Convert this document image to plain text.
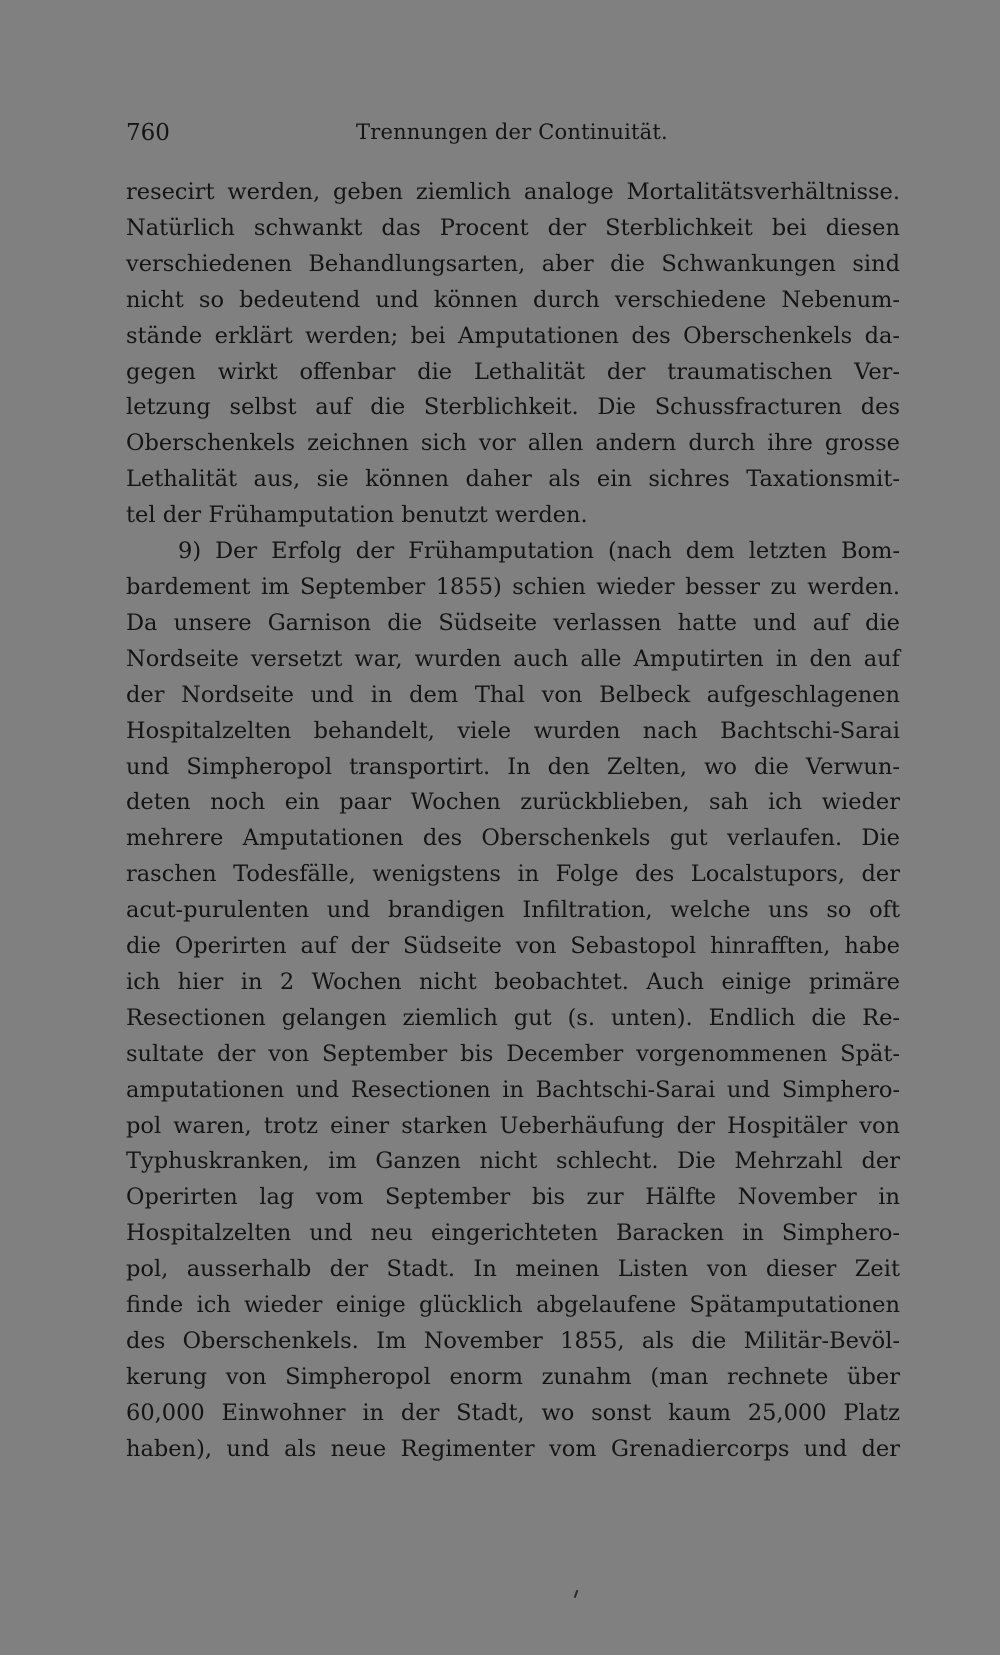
760	Trennungen der Continuität.
resecirt werden, geben ziemlich analoge Mortalitätsverhältnisse.
Natürlich schwankt das Procent der Sterblichkeit bei diesen
verschiedenen Behandlungsarten, aber die Schwankungen sind
nicht so bedeutend und können durch verschiedene Nebenum-
stände erklärt werden; bei Amputationen des Oberschenkels da-
gegen wirkt offenbar die Lethalität der traumatischen Ver-
letzung selbst auf die Sterblichkeit. Die Schussfracturen des
Oberschenkels zeichnen sich vor allen andern durch ihre grosse
Lethalität aus, sie können daher als ein sichres Taxationsmit-
tel der Frühamputation benutzt werden.
9) Der Erfolg der Frühamputation (nach dem letzten Bom-
bardement im September 1855) schien wieder besser zu werden.
Da unsere Garnison die Südseite verlassen hatte und auf die
Nordseite versetzt war, wurden auch alle Amputirten in den auf
der Nordseite und in dem Thal von Belbeck aufgeschlagenen
Hospitalzelten behandelt, viele wurden nach Bachtschi-Sarai
und Simpheropol transportirt. In den Zelten, wo die Verwun-
deten noch ein paar Wochen zurückblieben, sah ich wieder
mehrere Amputationen des Oberschenkels gut verlaufen. Die
raschen Todesfälle, wenigstens in Folge des Localstupors, der
acut-purulenten und brandigen Infiltration, welche uns so oft
die Operirten auf der Südseite von Sebastopol hinrafften, habe
ich hier in 2 Wochen nicht beobachtet. Auch einige primäre
Resectionen gelangen ziemlich gut (s. unten). Endlich die Re-
sultate der von September bis December vorgenommenen Spät-
amputationen und Resectionen in Bachtschi-Sarai und Simphero-
pol waren, trotz einer starken Ueberhäufung der Hospitäler von
Typhuskranken, im Ganzen nicht schlecht. Die Mehrzahl der
Operirten lag vom September bis zur Hälfte November in
Hospitalzelten und neu eingerichteten Baracken in Simphero-
pol, ausserhalb der Stadt. In meinen Listen von dieser Zeit
finde ich wieder einige glücklich abgelaufene Spätamputationen
des Oberschenkels. Im November 1855, als die Militär-Bevöl-
kerung von Simpheropol enorm zunahm (man rechnete über
60,000 Einwohner in der Stadt, wo sonst kaum 25,000 Platz
haben), und als neue Regimenter vom Grenadiercorps und der
